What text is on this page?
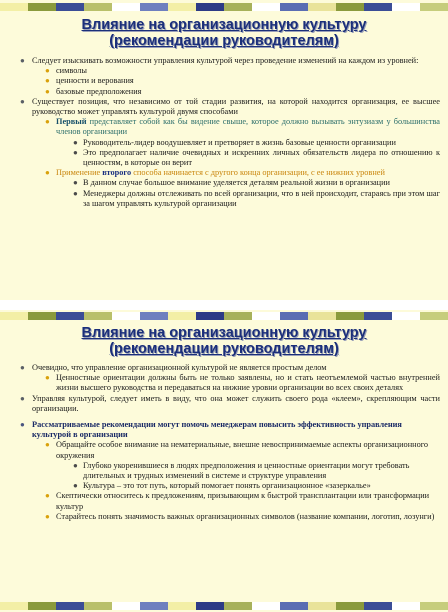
Влияние на организационную культуру
(рекомендации руководителям)
● Следует изыскивать возможности управления культурой через проведение изменений на каждом из уровней:
● символы
● ценности и верования
● базовые предположения
● Существует позиция, что независимо от той стадии развития, на которой находится организация, ее высшее руководство может управлять культурой двумя способами
● Первый представляет собой как бы видение свыше, которое должно вызывать энтузиазм у большинства членов организации
● Руководитель-лидер воодушевляет и претворяет в жизнь базовые ценности организации
● Это предполагает наличие очевидных и искренних личных обязательств лидера по отношению к ценностям, в которые он верит
● Применение второго способа начинается с другого конца организации, с ее нижних уровней
● В данном случае большое внимание уделяется деталям реальной жизни в организации
● Менеджеры должны отслеживать по всей организации, что в ней происходит, стараясь при этом шаг за шагом управлять культурой организации
Влияние на организационную культуру
(рекомендации руководителям)
● Очевидно, что управление организационной культурой не является простым делом
● Ценностные ориентации должны быть не только заявлены, но и стать неотъемлемой частью внутренней жизни высшего руководства и передаваться на нижние уровни организации во всех своих деталях
● Управляя культурой, следует иметь в виду, что она может служить своего рода «клеем», скрепляющим части организации.
● Рассматриваемые рекомендации могут помочь менеджерам повысить эффективность управления культурой в организации
● Обращайте особое внимание на нематериальные, внешне невоспринимаемые аспекты организационного окружения
● Глубоко укоренившиеся в людях предположения и ценностные ориентации могут требовать длительных и трудных изменений в системе и структуре управления
● Культура – это тот путь, который помогает понять организационное «зазеркалье»
● Скептически относитесь к предложениям, призывающим к быстрой трансплантации или трансформации культур
● Старайтесь понять значимость важных организационных символов (название компании, логотип, лозунги)
